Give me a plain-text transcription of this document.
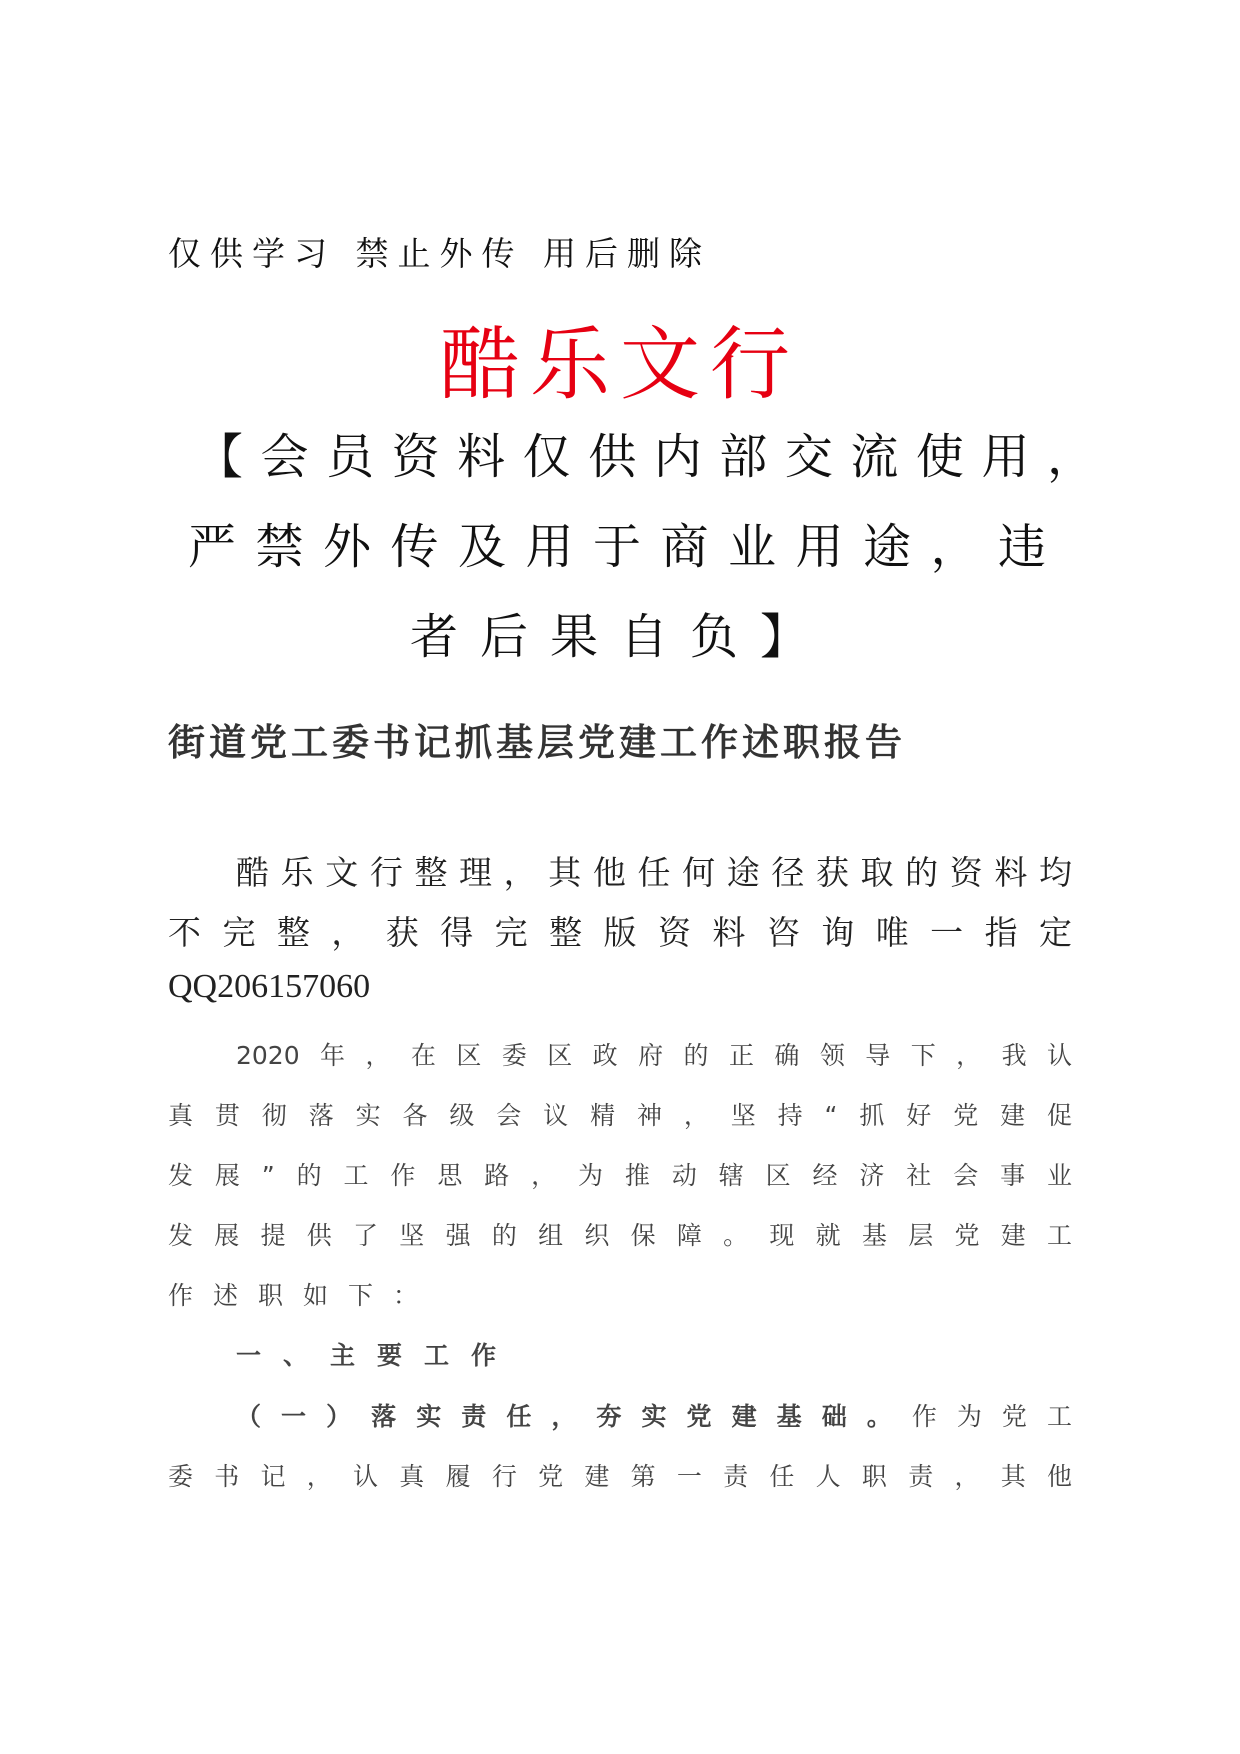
仅供学习 禁止外传 用后删除
酷乐文行
【会员资料仅供内部交流使用，
严禁外传及用于商业用途，违
者后果自负】
街道党工委书记抓基层党建工作述职报告
酷乐文行整理，其他任何途径获取的资料均
不完整，获得完整版资料咨询唯一指定
QQ206157060
2020年，在区委区政府的正确领导下，我认
真贯彻落实各级会议精神，坚持“抓好党建促
发展”的工作思路，为推动辖区经济社会事业
发展提供了坚强的组织保障。现就基层党建工
作述职如下：
一、主要工作
（一）落实责任，夯实党建基础。作为党工
委书记，认真履行党建第一责任人职责，其他
